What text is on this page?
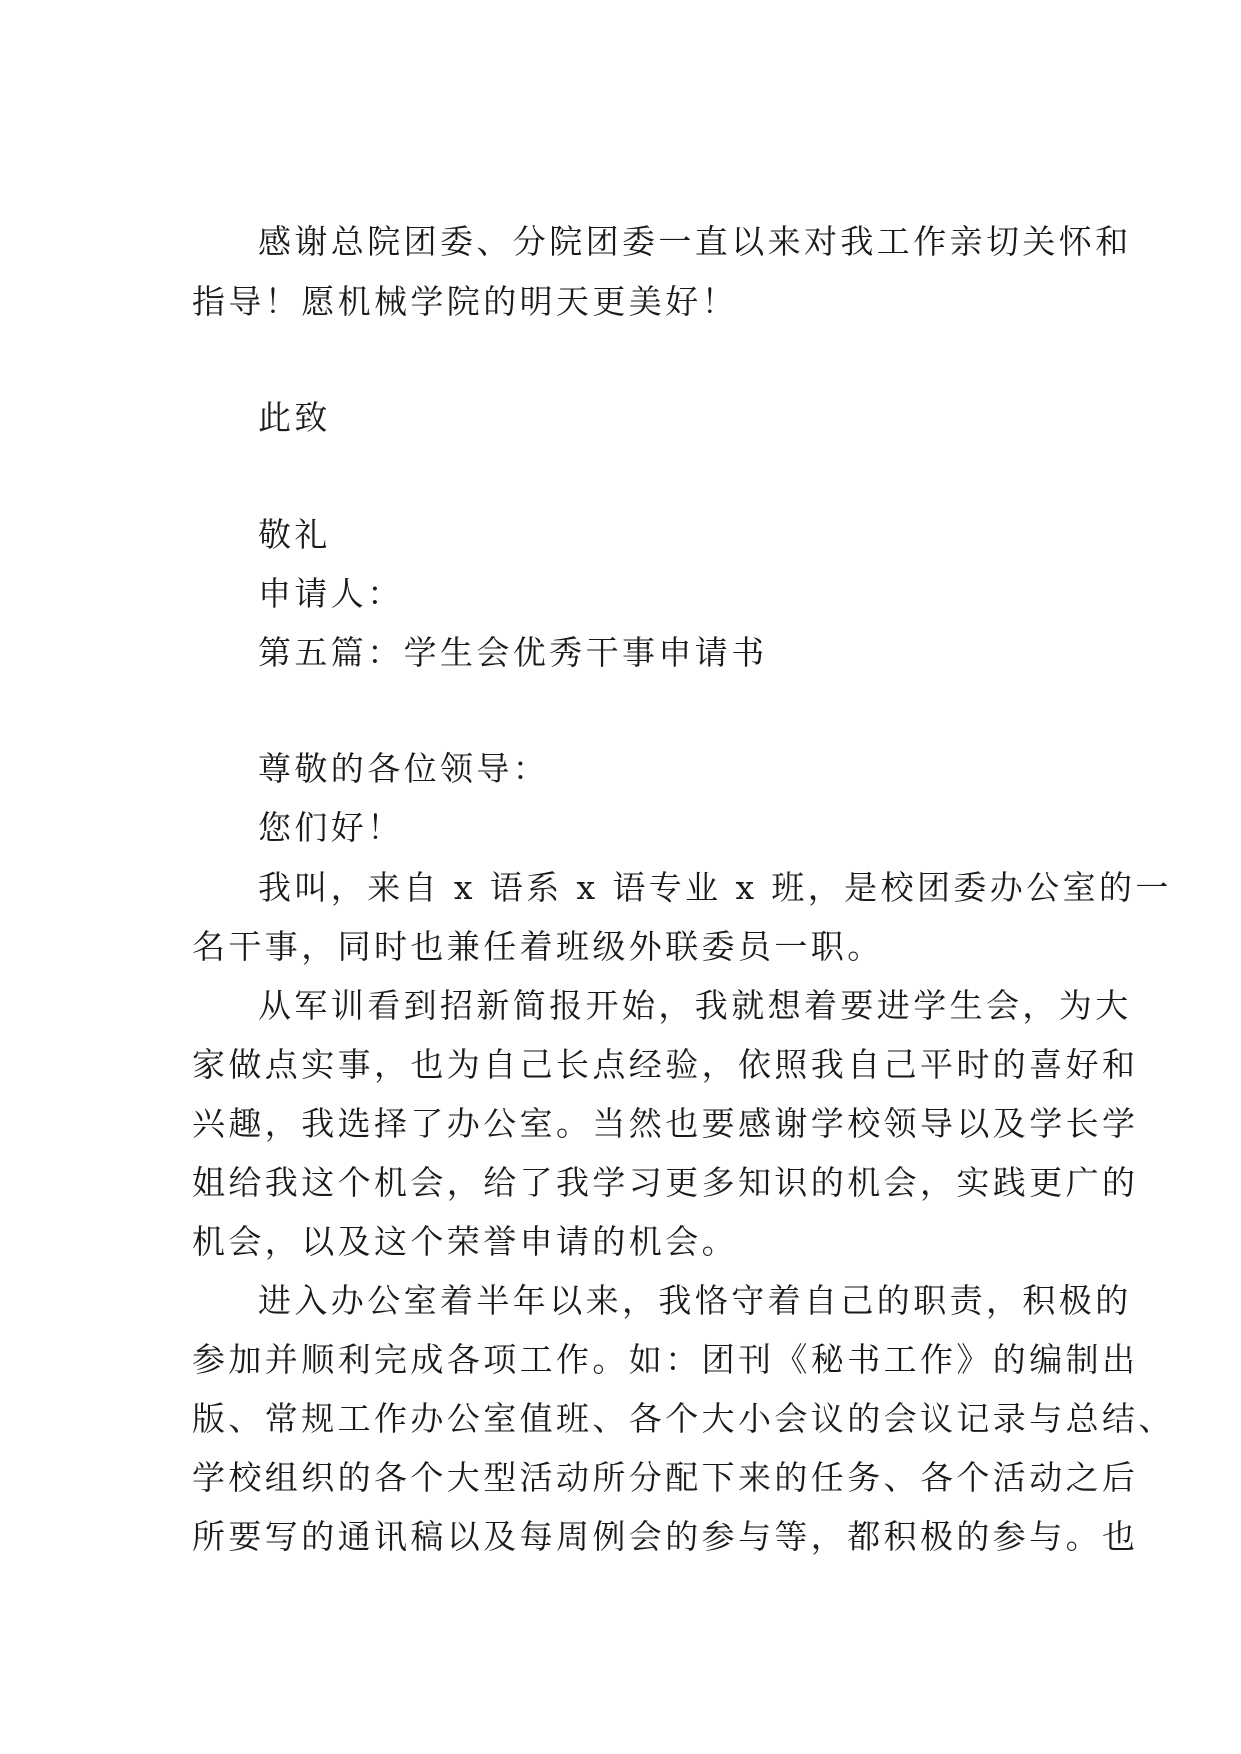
感谢总院团委、分院团委一直以来对我工作亲切关怀和
指导！愿机械学院的明天更美好！
此致
敬礼
申请人：
第五篇：学生会优秀干事申请书
尊敬的各位领导：
您们好！
我叫，来自 x 语系 x 语专业 x 班，是校团委办公室的一
名干事，同时也兼任着班级外联委员一职。
从军训看到招新简报开始，我就想着要进学生会，为大
家做点实事，也为自己长点经验，依照我自己平时的喜好和
兴趣，我选择了办公室。当然也要感谢学校领导以及学长学
姐给我这个机会，给了我学习更多知识的机会，实践更广的
机会，以及这个荣誉申请的机会。
进入办公室着半年以来，我恪守着自己的职责，积极的
参加并顺利完成各项工作。如：团刊《秘书工作》的编制出
版、常规工作办公室值班、各个大小会议的会议记录与总结、
学校组织的各个大型活动所分配下来的任务、各个活动之后
所要写的通讯稿以及每周例会的参与等，都积极的参与。也
